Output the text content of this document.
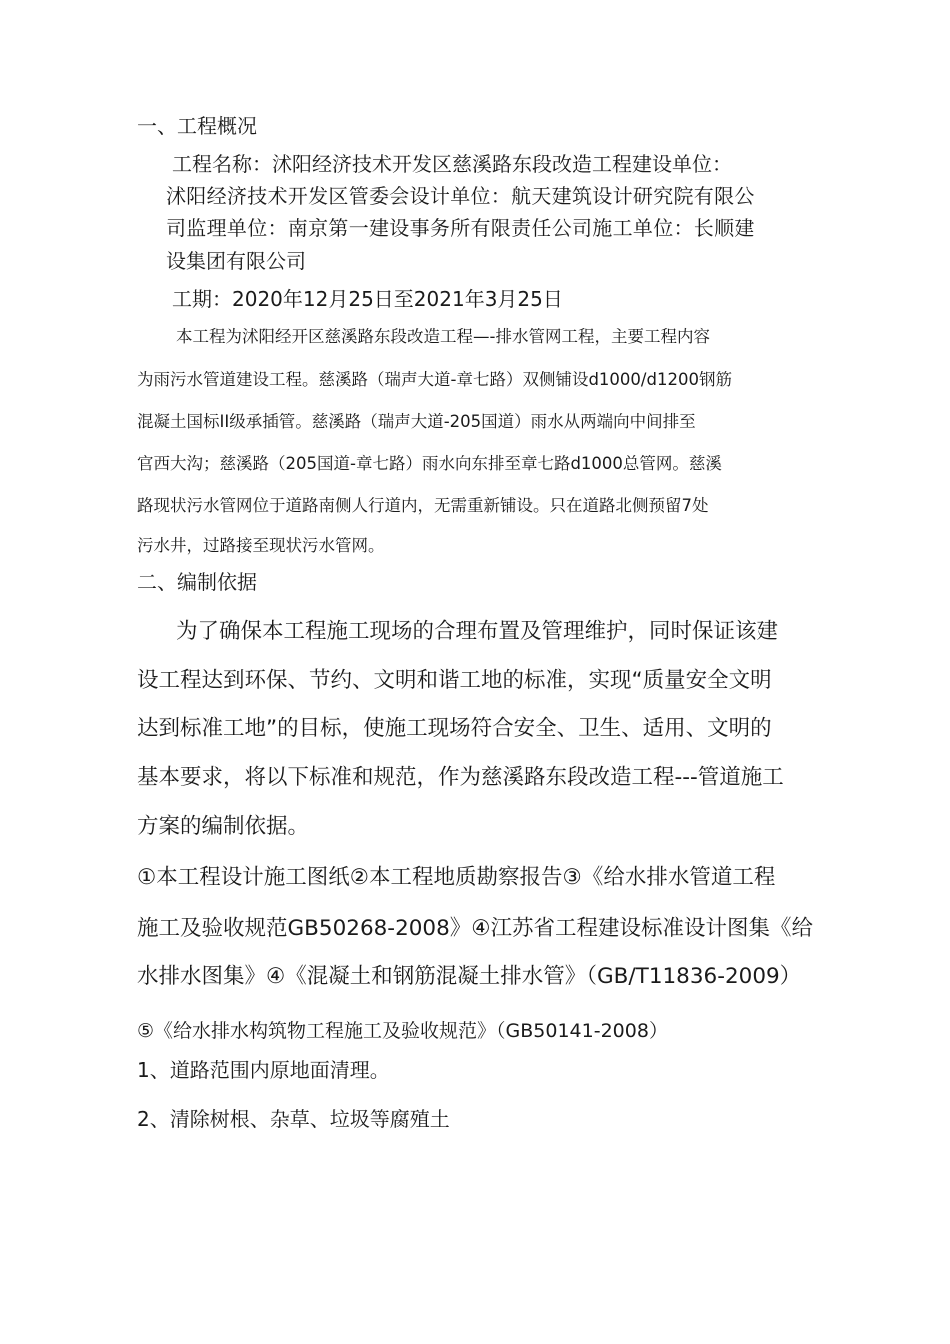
一、工程概况

工程名称：沭阳经济技术开发区慈溪路东段改造工程建设单位：

沭阳经济技术开发区管委会设计单位：航天建筑设计研究院有限公

司监理单位：南京第一建设事务所有限责任公司施工单位：长顺建

设集团有限公司

工期：2020年12月25日至2021年3月25日

本工程为沭阳经开区慈溪路东段改造工程—-排水管网工程，主要工程内容

为雨污水管道建设工程。慈溪路（瑞声大道-章七路）双侧铺设d1000/d1200钢筋

混凝土国标II级承插管。慈溪路（瑞声大道-205国道）雨水从两端向中间排至

官西大沟；慈溪路（205国道-章七路）雨水向东排至章七路d1000总管网。慈溪

路现状污水管网位于道路南侧人行道内，无需重新铺设。只在道路北侧预留7处

污水井，过路接至现状污水管网。

二、编制依据

为了确保本工程施工现场的合理布置及管理维护，同时保证该建

设工程达到环保、节约、文明和谐工地的标准，实现“质量安全文明

达到标准工地”的目标，使施工现场符合安全、卫生、适用、文明的

基本要求，将以下标准和规范，作为慈溪路东段改造工程---管道施工

方案的编制依据。

①本工程设计施工图纸②本工程地质勘察报告③《给水排水管道工程

施工及验收规范GB50268-2008》④江苏省工程建设标准设计图集《给

水排水图集》④《混凝土和钢筋混凝土排水管》（GB/T11836-2009）

⑤《给水排水构筑物工程施工及验收规范》（GB50141-2008）

1、道路范围内原地面清理。

2、清除树根、杂草、垃圾等腐殖土
